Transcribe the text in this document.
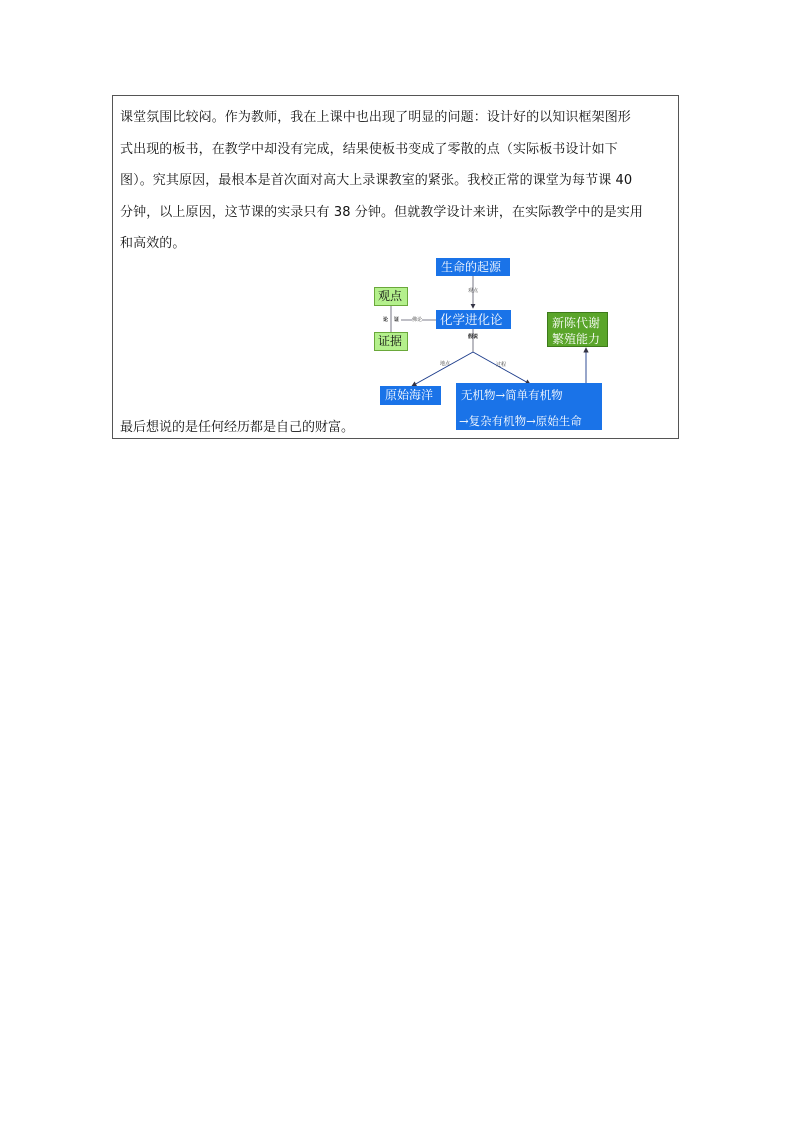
课堂氛围比较闷。作为教师，我在上课中也出现了明显的问题：设计好的以知识框架图形
式出现的板书，在教学中却没有完成，结果使板书变成了零散的点（实际板书设计如下
图）。究其原因，最根本是首次面对高大上录课教室的紧张。我校正常的课堂为每节课 40
分钟，以上原因，这节课的实录只有 38 分钟。但就教学设计来讲，在实际教学中的是实用
和高效的。
最后想说的是任何经历都是自己的财富。
生命的起源
观点
化学进化论
观点
证据
论 证	佛论
假说
地点	过程
原始海洋	无机物→简单有机物
→复杂有机物→原始生命
新陈代谢
繁殖能力
